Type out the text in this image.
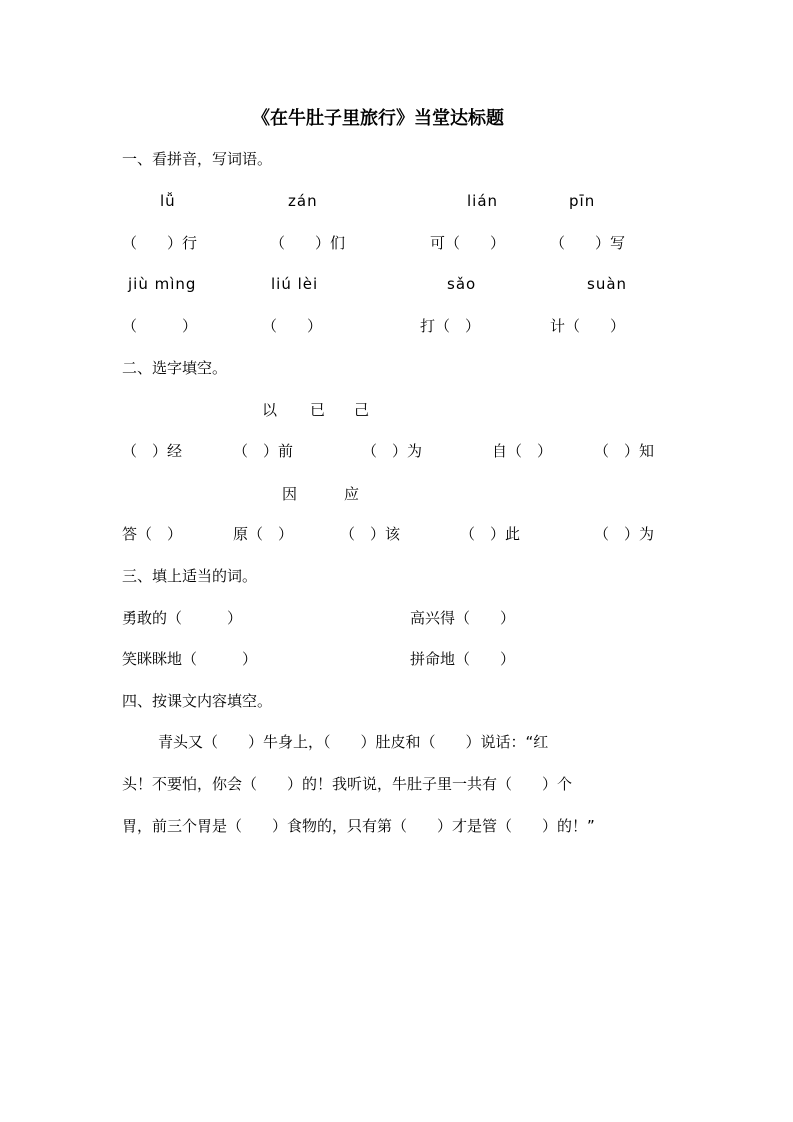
《在牛肚子里旅行》当堂达标题
一、看拼音，写词语。
lǚ	zán	lián	pīn
（　　）行	（　　）们	可（　　）	（　　）写
jiù mìng	liú lèi	sǎo	suàn
（　　　）	（　　）	打（　）	计（　　）
二、选字填空。
以 已 己
（　）经	（　）前	（　）为	自（　）	（　）知
因	应
答（　）	原（　）	（　）该	（　）此	（　）为
三、填上适当的词。
勇敢的（　　　）	高兴得（　　）
笑眯眯地（　　　）	拼命地（　　）
四、按课文内容填空。
青头又（　　）牛身上，（　　）肚皮和（　　）说话：“红
头！不要怕，你会（　　）的！我听说，牛肚子里一共有（　　）个
胃，前三个胃是（　　）食物的，只有第（　　）才是管（　　）的！”
